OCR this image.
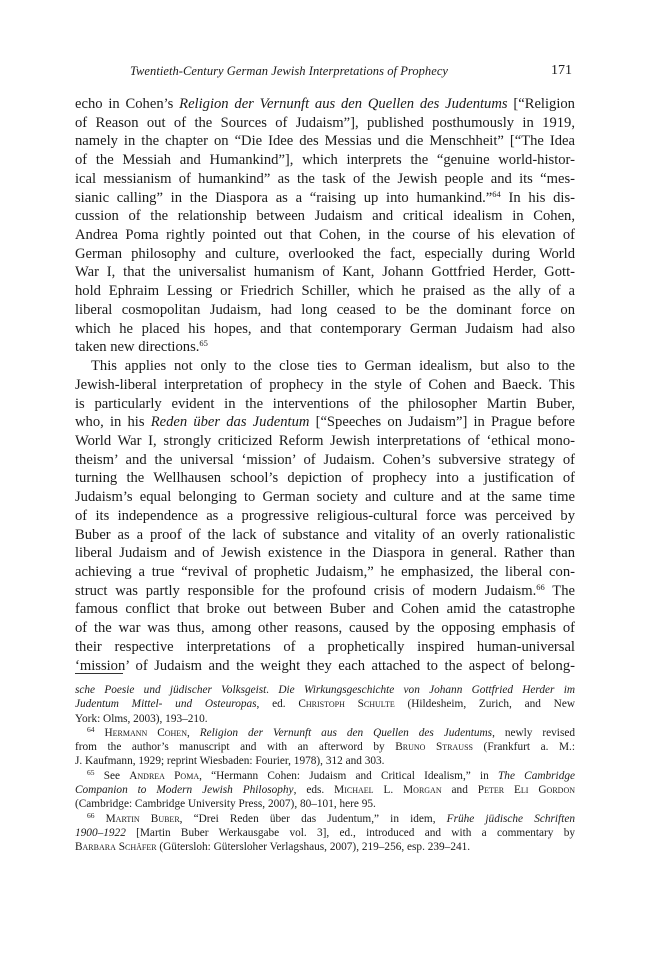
Twentieth-Century German Jewish Interpretations of Prophecy	171
echo in Cohen’s Religion der Vernunft aus den Quellen des Judentums [“Religion
of Reason out of the Sources of Judaism”], published posthumously in 1919,
namely in the chapter on “Die Idee des Messias und die Menschheit” [“The Idea
of the Messiah and Humankind”], which interprets the “genuine world-histor-
ical messianism of humankind” as the task of the Jewish people and its “mes-
sianic calling” in the Diaspora as a “raising up into humankind.”$^{64}$ In his dis-
cussion of the relationship between Judaism and critical idealism in Cohen,
Andrea Poma rightly pointed out that Cohen, in the course of his elevation of
German philosophy and culture, overlooked the fact, especially during World
War I, that the universalist humanism of Kant, Johann Gottfried Herder, Gott-
hold Ephraim Lessing or Friedrich Schiller, which he praised as the ally of a
liberal cosmopolitan Judaism, had long ceased to be the dominant force on
which he placed his hopes, and that contemporary German Judaism had also
taken new directions.$^{65}$
This applies not only to the close ties to German idealism, but also to the
Jewish-liberal interpretation of prophecy in the style of Cohen and Baeck. This
is particularly evident in the interventions of the philosopher Martin Buber,
who, in his Reden über das Judentum [“Speeches on Judaism”] in Prague before
World War I, strongly criticized Reform Jewish interpretations of ‘ethical mono-
theism’ and the universal ‘mission’ of Judaism. Cohen’s subversive strategy of
turning the Wellhausen school’s depiction of prophecy into a justification of
Judaism’s equal belonging to German society and culture and at the same time
of its independence as a progressive religious-cultural force was perceived by
Buber as a proof of the lack of substance and vitality of an overly rationalistic
liberal Judaism and of Jewish existence in the Diaspora in general. Rather than
achieving a true “revival of prophetic Judaism,” he emphasized, the liberal con-
struct was partly responsible for the profound crisis of modern Judaism.$^{66}$ The
famous conflict that broke out between Buber and Cohen amid the catastrophe
of the war was thus, among other reasons, caused by the opposing emphasis of
their respective interpretations of a prophetically inspired human-universal
‘mission’ of Judaism and the weight they each attached to the aspect of belong-
sche Poesie und jüdischer Volksgeist. Die Wirkungsgeschichte von Johann Gottfried Herder im
Judentum Mittel- und Osteuropas, ed. Christoph Schulte (Hildesheim, Zurich, and New
York: Olms, 2003), 193–210.
$^{64}$ Hermann Cohen, Religion der Vernunft aus den Quellen des Judentums, newly revised
from the author’s manuscript and with an afterword by Bruno Strauss (Frankfurt a. M.:
J. Kaufmann, 1929; reprint Wiesbaden: Fourier, 1978), 312 and 303.
$^{65}$ See Andrea Poma, “Hermann Cohen: Judaism and Critical Idealism,” in The Cambridge
Companion to Modern Jewish Philosophy, eds. Michael L. Morgan and Peter Eli Gordon
(Cambridge: Cambridge University Press, 2007), 80–101, here 95.
$^{66}$ Martin Buber, “Drei Reden über das Judentum,” in idem, Frühe jüdische Schriften
1900–1922 [Martin Buber Werkausgabe vol. 3], ed., introduced and with a commentary by
Barbara Schäfer (Gütersloh: Gütersloher Verlagshaus, 2007), 219–256, esp. 239–241.
